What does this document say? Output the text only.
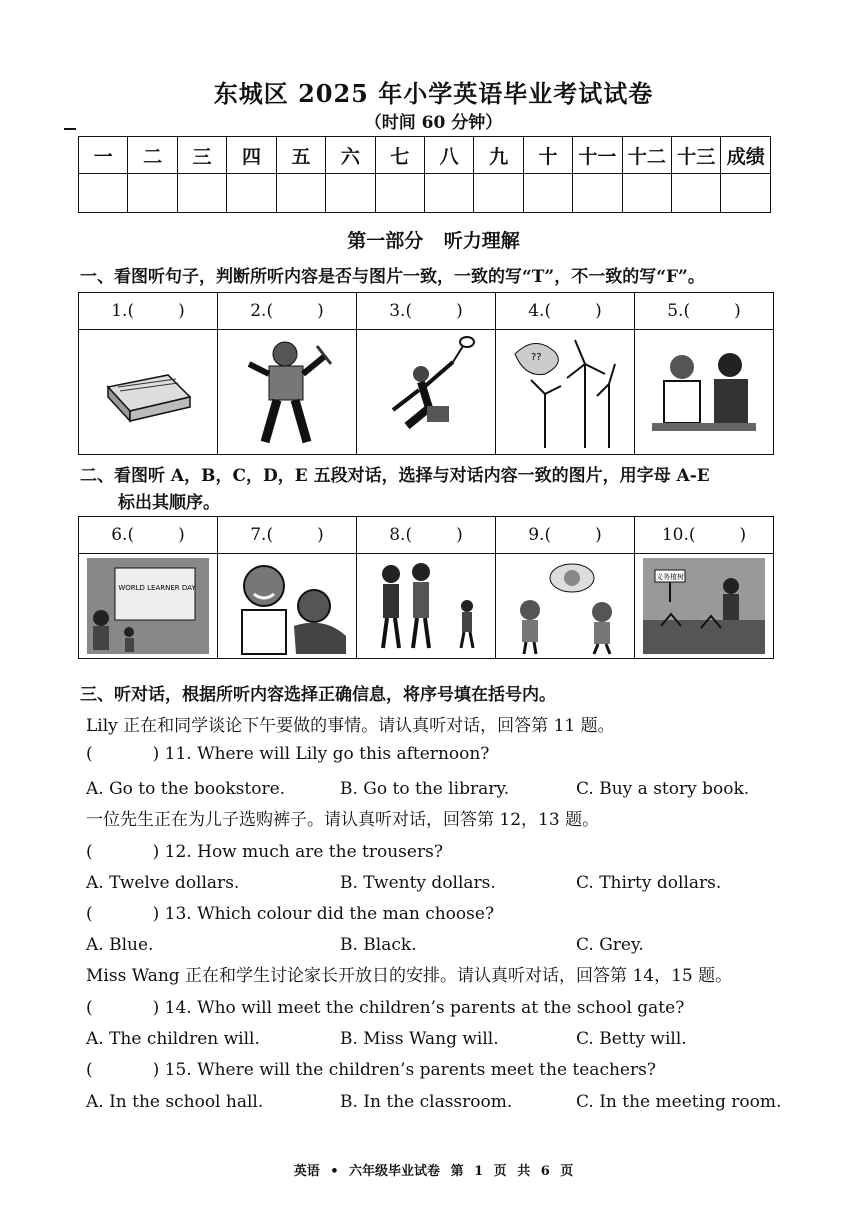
东城区 2025 年小学英语毕业考试试卷
（时间 60 分钟）
一	二	三	四	五	六	七	八	九	十	十一	十二	十三	成绩

第一部分 听力理解
一、看图听句子，判断所听内容是否与图片一致，一致的写“T”，不一致的写“F”。
1.( )	2.( )	3.( )	4.( )	5.( )

??

二、看图听 A，B，C，D，E 五段对话，选择与对话内容一致的图片，用字母 A-E
标出其顺序。
6.( )	7.( )	8.( )	9.( )	10.( )

WORLD LEARNER DAY				义务植树
三、听对话，根据所听内容选择正确信息，将序号填在括号内。
Lily 正在和同学谈论下午要做的事情。请认真听对话，回答第 11 题。
(	) 11. Where will Lily go this afternoon?
A. Go to the bookstore.	B. Go to the library.	C. Buy a story book.
一位先生正在为儿子选购裤子。请认真听对话，回答第 12，13 题。
(	) 12. How much are the trousers?
A. Twelve dollars.	B. Twenty dollars.	C. Thirty dollars.
(	) 13. Which colour did the man choose?
A. Blue.	B. Black.	C. Grey.
Miss Wang 正在和学生讨论家长开放日的安排。请认真听对话，回答第 14，15 题。
(	) 14. Who will meet the children’s parents at the school gate?
A. The children will.	B. Miss Wang will.	C. Betty will.
(	) 15. Where will the children’s parents meet the teachers?
A. In the school hall.	B. In the classroom.	C. In the meeting room.
英语 • 六年级毕业试卷 第 1 页 共 6 页
